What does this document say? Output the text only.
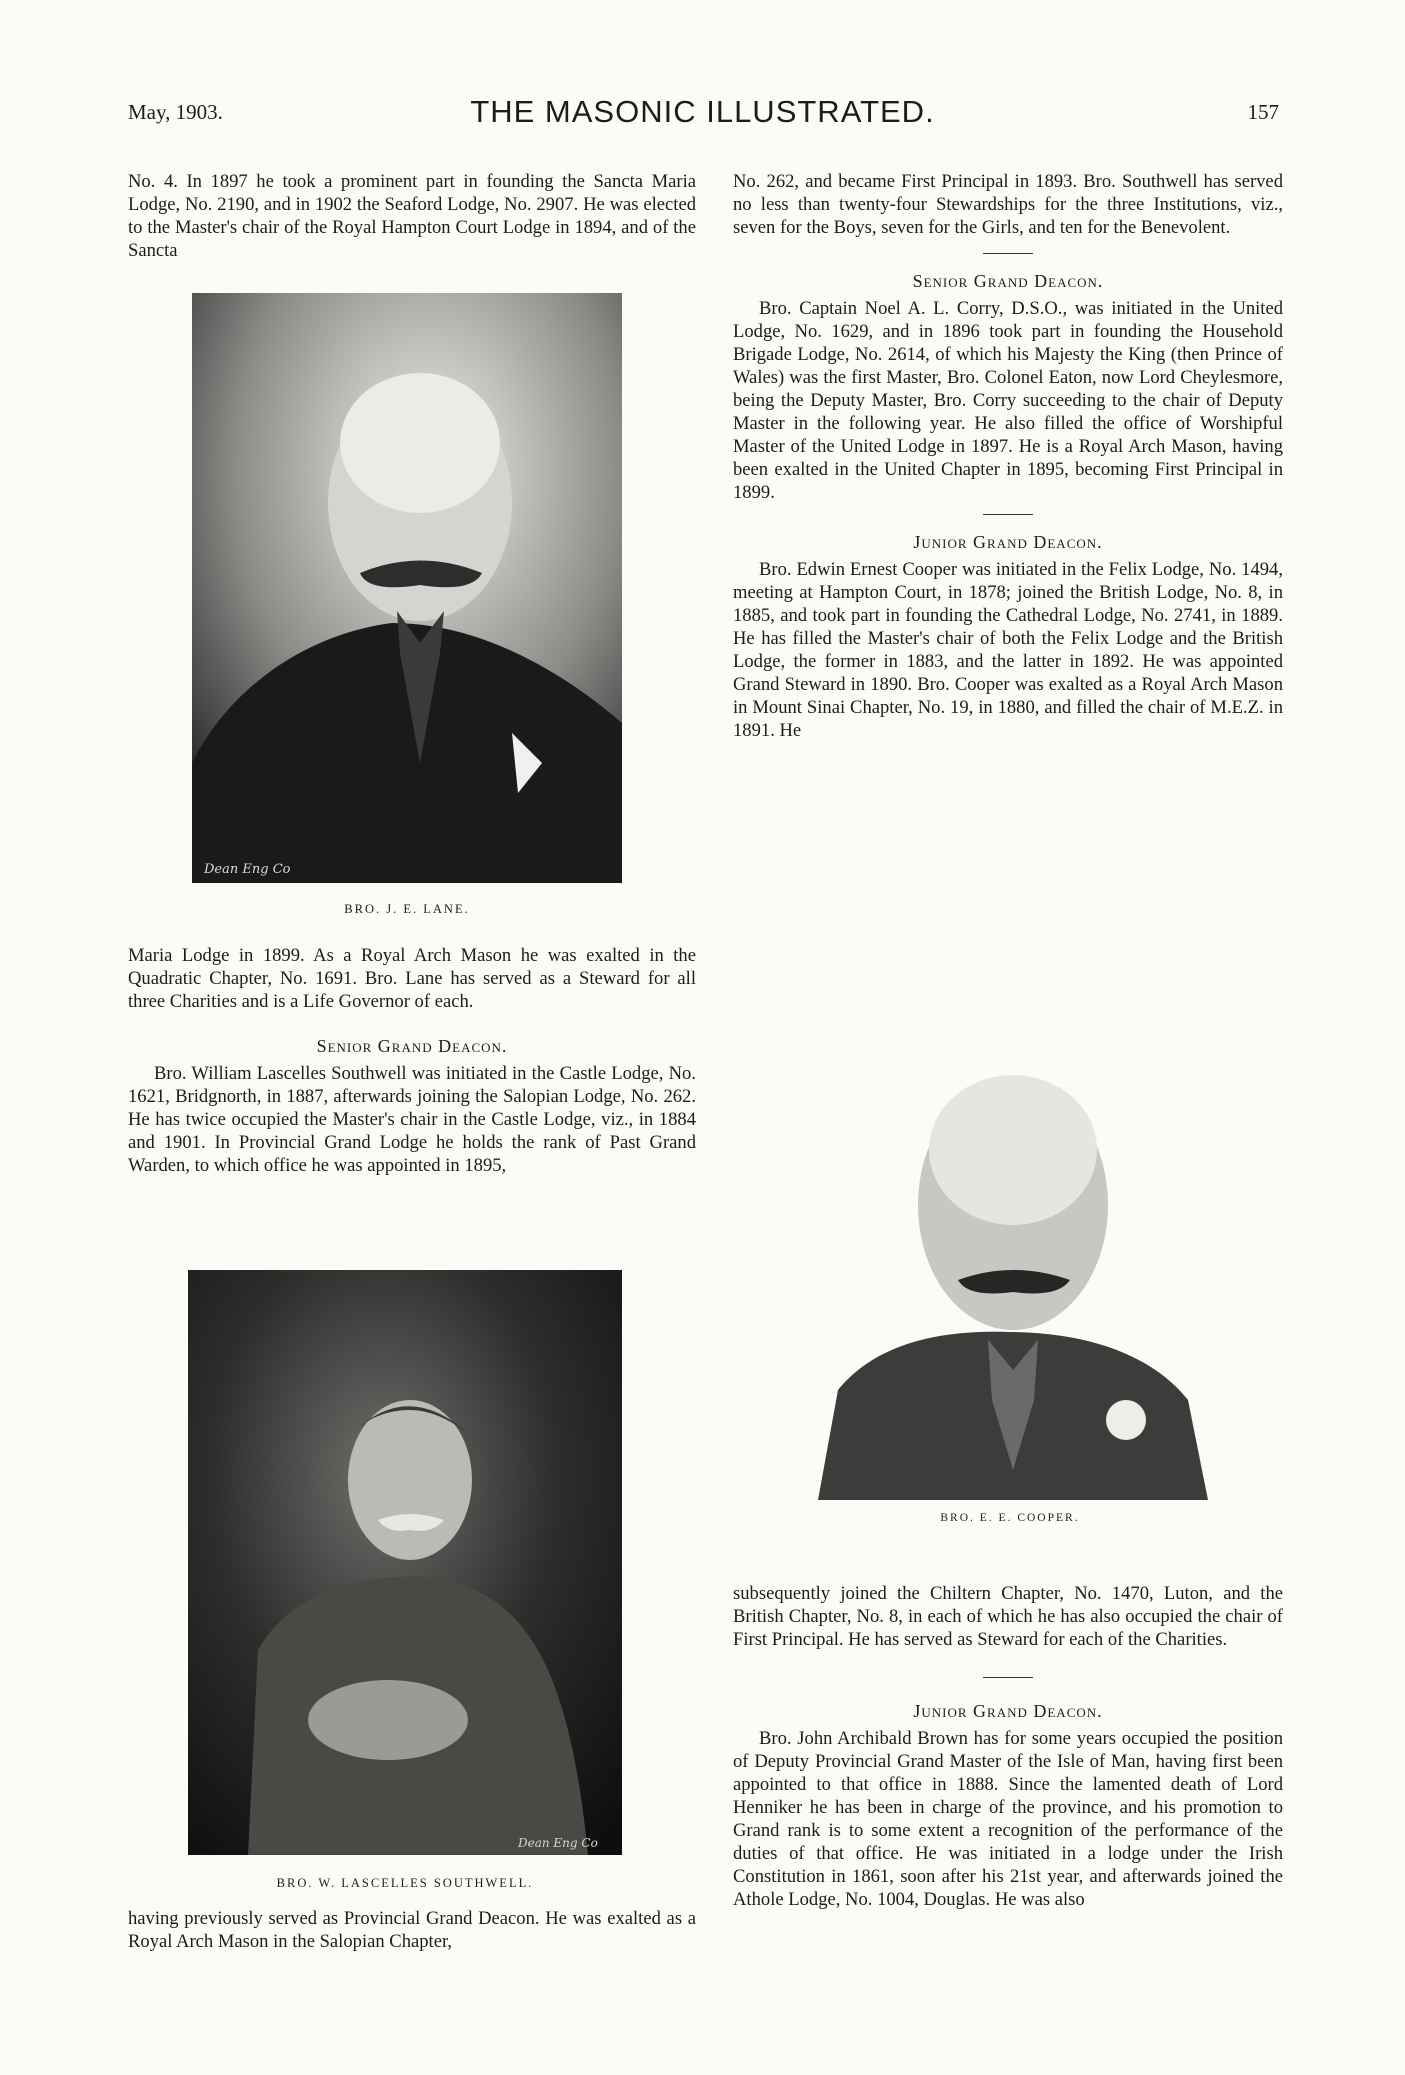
May, 1903.	THE MASONIC ILLUSTRATED.	157

No. 4. In 1897 he took a prominent part in founding the Sancta Maria Lodge, No. 2190, and in 1902 the Seaford Lodge, No. 2907. He was elected to the Master's chair of the Royal Hampton Court Lodge in 1894, and of the Sancta

Dean Eng Co
BRO. J. E. LANE.

Maria Lodge in 1899. As a Royal Arch Mason he was exalted in the Quadratic Chapter, No. 1691. Bro. Lane has served as a Steward for all three Charities and is a Life Governor of each.

Senior Grand Deacon.

Bro. William Lascelles Southwell was initiated in the Castle Lodge, No. 1621, Bridgnorth, in 1887, afterwards joining the Salopian Lodge, No. 262. He has twice occupied the Master's chair in the Castle Lodge, viz., in 1884 and 1901. In Provincial Grand Lodge he holds the rank of Past Grand Warden, to which office he was appointed in 1895,

Dean Eng Co
BRO. W. LASCELLES SOUTHWELL.

having previously served as Provincial Grand Deacon. He was exalted as a Royal Arch Mason in the Salopian Chapter,

No. 262, and became First Principal in 1893. Bro. Southwell has served no less than twenty-four Stewardships for the three Institutions, viz., seven for the Boys, seven for the Girls, and ten for the Benevolent.

Senior Grand Deacon.

Bro. Captain Noel A. L. Corry, D.S.O., was initiated in the United Lodge, No. 1629, and in 1896 took part in founding the Household Brigade Lodge, No. 2614, of which his Majesty the King (then Prince of Wales) was the first Master, Bro. Colonel Eaton, now Lord Cheylesmore, being the Deputy Master, Bro. Corry succeeding to the chair of Deputy Master in the following year. He also filled the office of Worshipful Master of the United Lodge in 1897. He is a Royal Arch Mason, having been exalted in the United Chapter in 1895, becoming First Principal in 1899.

Junior Grand Deacon.

Bro. Edwin Ernest Cooper was initiated in the Felix Lodge, No. 1494, meeting at Hampton Court, in 1878; joined the British Lodge, No. 8, in 1885, and took part in founding the Cathedral Lodge, No. 2741, in 1889. He has filled the Master's chair of both the Felix Lodge and the British Lodge, the former in 1883, and the latter in 1892. He was appointed Grand Steward in 1890. Bro. Cooper was exalted as a Royal Arch Mason in Mount Sinai Chapter, No. 19, in 1880, and filled the chair of M.E.Z. in 1891. He

BRO. E. E. COOPER.

subsequently joined the Chiltern Chapter, No. 1470, Luton, and the British Chapter, No. 8, in each of which he has also occupied the chair of First Principal. He has served as Steward for each of the Charities.

Junior Grand Deacon.

Bro. John Archibald Brown has for some years occupied the position of Deputy Provincial Grand Master of the Isle of Man, having first been appointed to that office in 1888. Since the lamented death of Lord Henniker he has been in charge of the province, and his promotion to Grand rank is to some extent a recognition of the performance of the duties of that office. He was initiated in a lodge under the Irish Constitution in 1861, soon after his 21st year, and afterwards joined the Athole Lodge, No. 1004, Douglas. He was also
